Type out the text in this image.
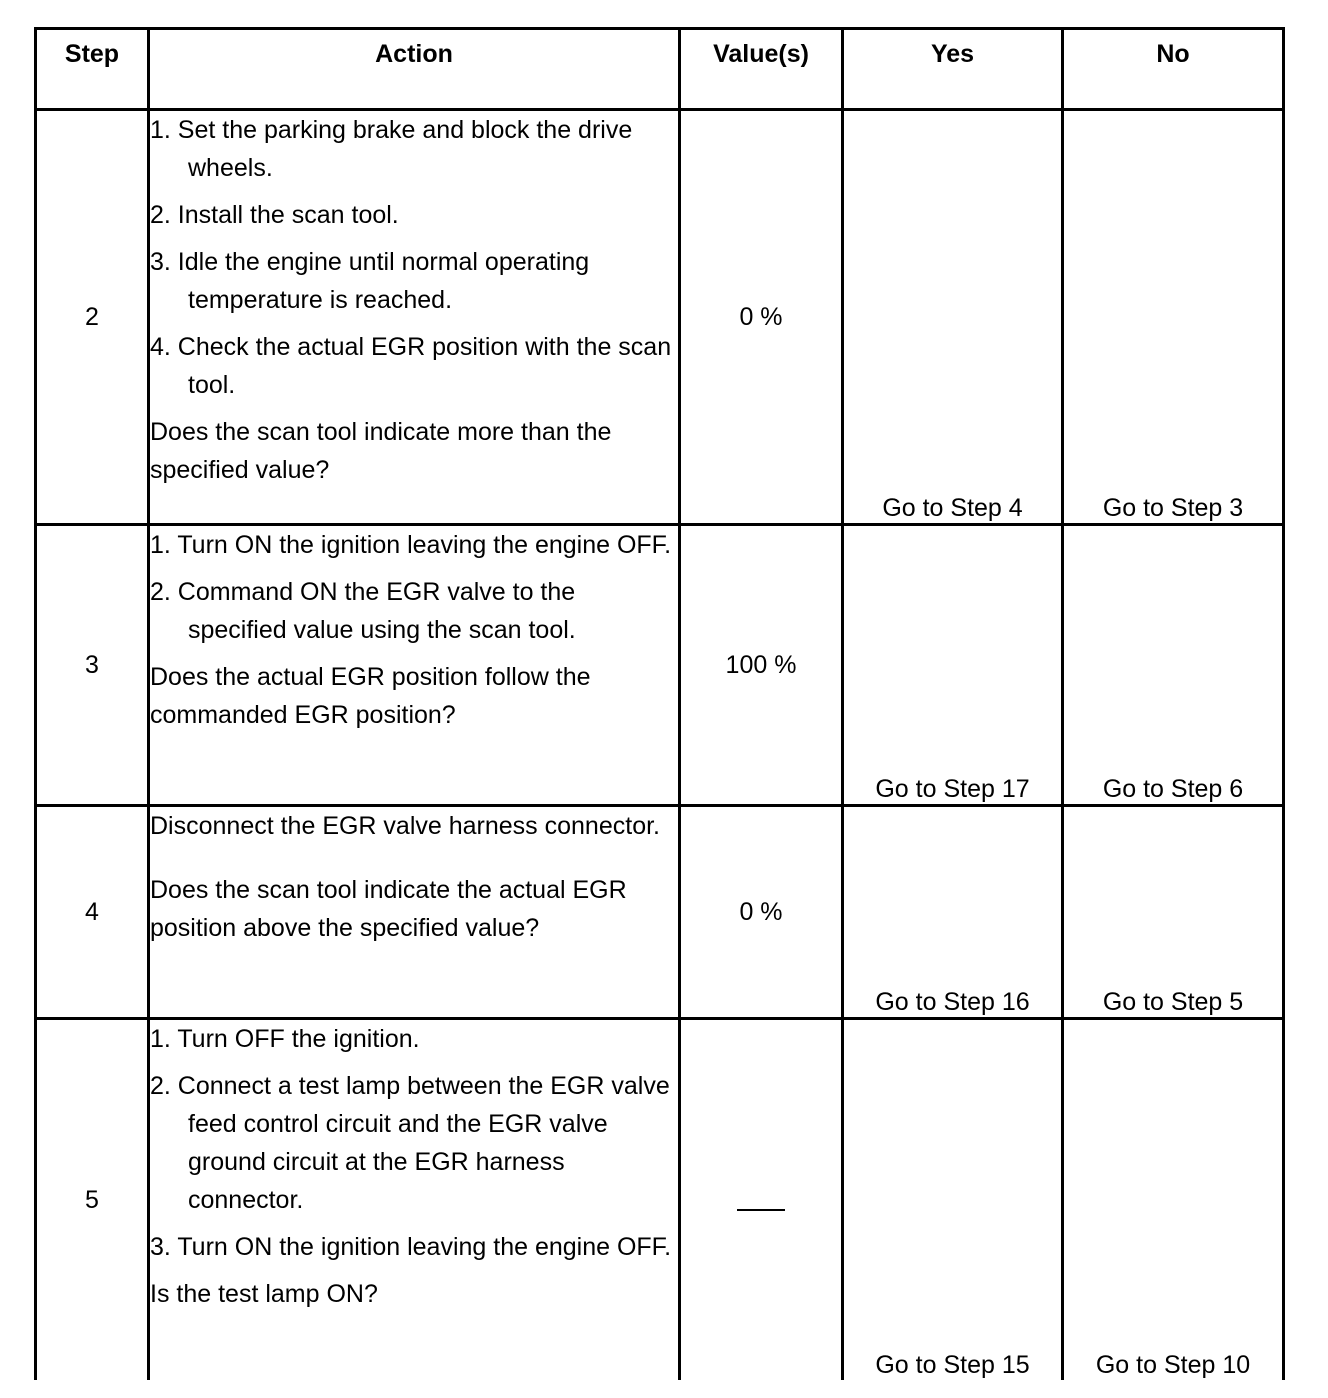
Step	Action	Value(s)	Yes	No
2	1. Set the parking brake and block the drive wheels.
2. Install the scan tool.
3. Idle the engine until normal operating temperature is reached.
4. Check the actual EGR position with the scan tool.
Does the scan tool indicate more than the specified value?	0 %	Go to Step 4	Go to Step 3
3	1. Turn ON the ignition leaving the engine OFF.
2. Command ON the EGR valve to the specified value using the scan tool.
Does the actual EGR position follow the commanded EGR position?	100 %	Go to Step 17	Go to Step 6
4	Disconnect the EGR valve harness connector.
Does the scan tool indicate the actual EGR position above the specified value?	0 %	Go to Step 16	Go to Step 5
5	1. Turn OFF the ignition.
2. Connect a test lamp between the EGR valve feed control circuit and the EGR valve ground circuit at the EGR harness connector.
3. Turn ON the ignition leaving the engine OFF.
Is the test lamp ON?		Go to Step 15	Go to Step 10
